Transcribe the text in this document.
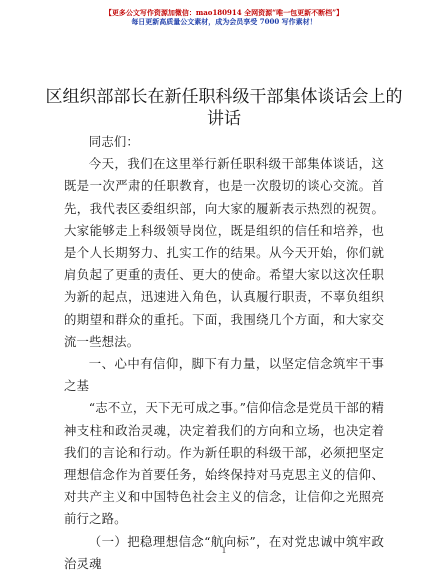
【更多公文写作资源加微信：mao180914 全网资源“唯一包更新不断档”】
每日更新高质量公文素材，成为会员享受 7000 写作素材！
区组织部部长在新任职科级干部集体谈话会上的讲话

同志们：

今天，我们在这里举行新任职科级干部集体谈话，这既是一次严肃的任职教育，也是一次殷切的谈心交流。首先，我代表区委组织部，向大家的履新表示热烈的祝贺。大家能够走上科级领导岗位，既是组织的信任和培养，也是个人长期努力、扎实工作的结果。从今天开始，你们就肩负起了更重的责任、更大的使命。希望大家以这次任职为新的起点，迅速进入角色，认真履行职责，不辜负组织的期望和群众的重托。下面，我围绕几个方面，和大家交流一些想法。

一、心中有信仰，脚下有力量，以坚定信念筑牢干事之基

“志不立，天下无可成之事。”信仰信念是党员干部的精神支柱和政治灵魂，决定着我们的方向和立场，也决定着我们的言论和行动。作为新任职的科级干部，必须把坚定理想信念作为首要任务，始终保持对马克思主义的信仰、对共产主义和中国特色社会主义的信念，让信仰之光照亮前行之路。

（一）把稳理想信念“航向标”，在对党忠诚中筑牢政治灵魂

1
